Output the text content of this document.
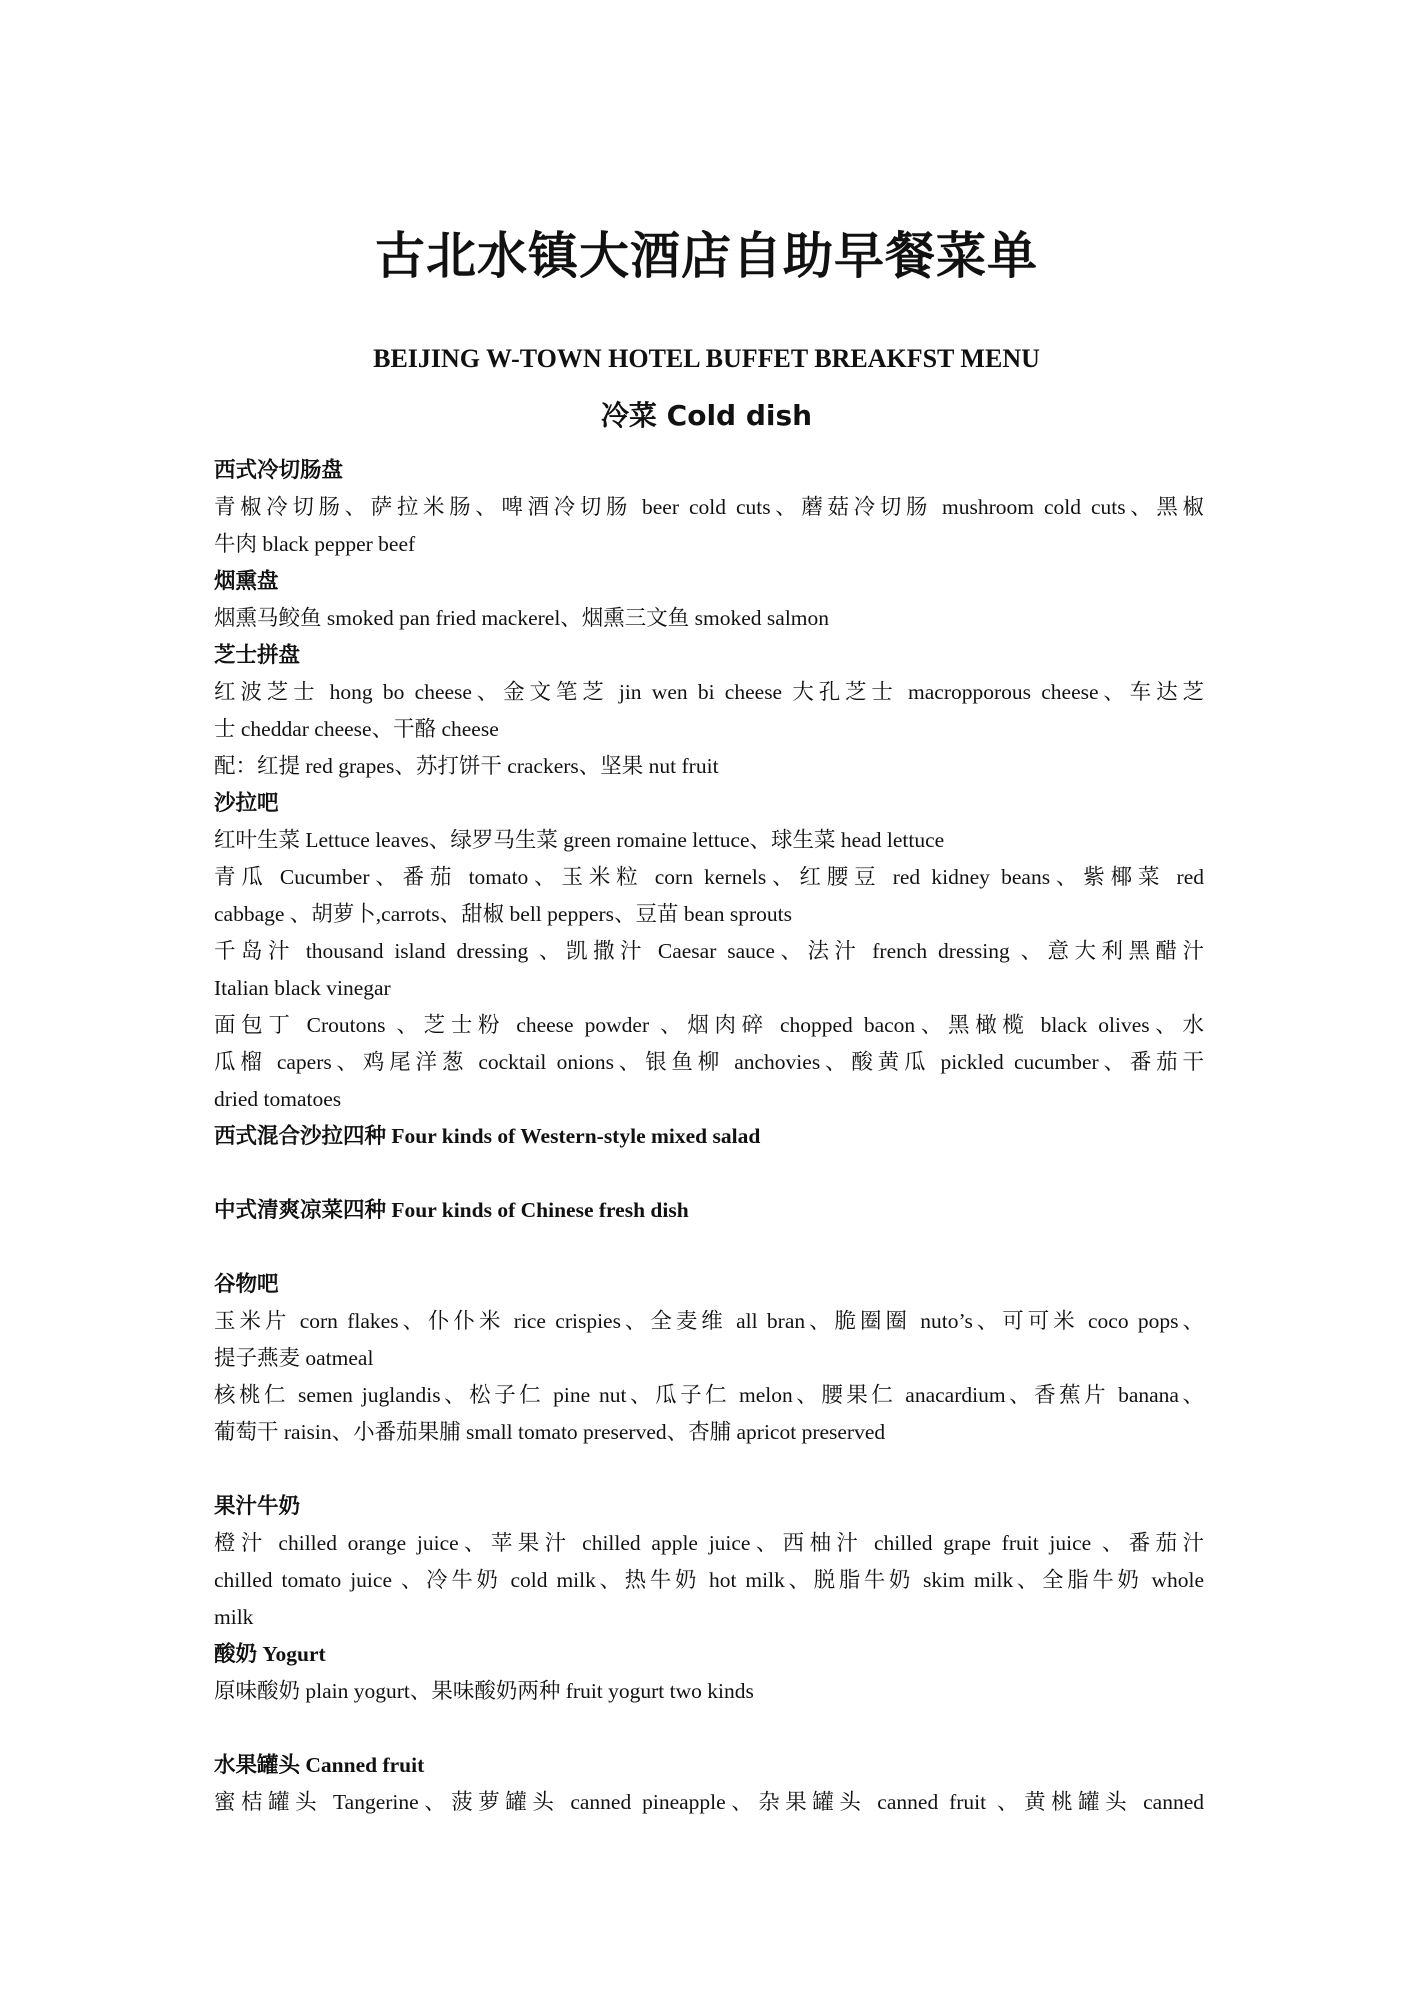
古北水镇大酒店自助早餐菜单
BEIJING W-TOWN HOTEL BUFFET BREAKFST MENU
冷菜 Cold dish
西式冷切肠盘
青椒冷切肠、萨拉米肠、啤酒冷切肠 beer cold cuts、蘑菇冷切肠 mushroom cold cuts、黑椒
牛肉 black pepper beef
烟熏盘
烟熏马鲛鱼 smoked pan fried mackerel、烟熏三文鱼 smoked salmon
芝士拼盘
红波芝士 hong bo cheese、金文笔芝 jin wen bi cheese 大孔芝士 macropporous cheese、车达芝
士 cheddar cheese、干酪 cheese
配：红提 red grapes、苏打饼干 crackers、坚果 nut fruit
沙拉吧
红叶生菜 Lettuce leaves、绿罗马生菜 green romaine lettuce、球生菜 head lettuce
青瓜 Cucumber、番茄 tomato、玉米粒 corn kernels、红腰豆 red kidney beans、紫椰菜 red
cabbage 、胡萝卜,carrots、甜椒 bell peppers、豆苗 bean sprouts
千岛汁 thousand island dressing 、凯撒汁 Caesar sauce、法汁 french dressing 、意大利黑醋汁
Italian black vinegar
面包丁 Croutons 、芝士粉 cheese powder 、烟肉碎 chopped bacon、黑橄榄 black olives、水
瓜榴 capers、鸡尾洋葱 cocktail onions、银鱼柳 anchovies、酸黄瓜 pickled cucumber、番茄干
dried tomatoes
西式混合沙拉四种 Four kinds of Western-style mixed salad
中式清爽凉菜四种 Four kinds of Chinese fresh dish
谷物吧
玉米片 corn flakes、仆仆米 rice crispies、全麦维 all bran、脆圈圈 nuto’s、可可米 coco pops、
提子燕麦 oatmeal
核桃仁 semen juglandis、松子仁 pine nut、瓜子仁 melon、腰果仁 anacardium、香蕉片 banana、
葡萄干 raisin、小番茄果脯 small tomato preserved、杏脯 apricot preserved
果汁牛奶
橙汁 chilled orange juice、苹果汁 chilled apple juice、西柚汁 chilled grape fruit juice 、番茄汁
chilled tomato juice 、冷牛奶 cold milk、热牛奶 hot milk、脱脂牛奶 skim milk、全脂牛奶 whole
milk
酸奶 Yogurt
原味酸奶 plain yogurt、果味酸奶两种 fruit yogurt two kinds
水果罐头 Canned fruit
蜜桔罐头 Tangerine、菠萝罐头 canned pineapple、杂果罐头 canned fruit 、黄桃罐头 canned
